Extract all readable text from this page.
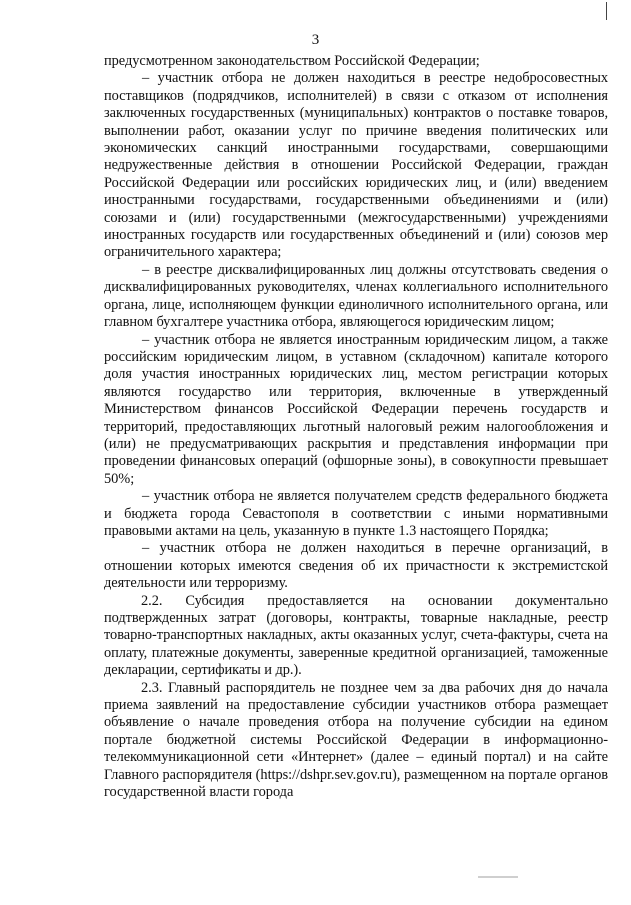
3

предусмотренном законодательством Российской Федерации;

– участник отбора не должен находиться в реестре недобросовестных поставщиков (подрядчиков, исполнителей) в связи с отказом от исполнения заключенных государственных (муниципальных) контрактов о поставке товаров, выполнении работ, оказании услуг по причине введения политических или экономических санкций иностранными государствами, совершающими недружественные действия в отношении Российской Федерации, граждан Российской Федерации или российских юридических лиц, и (или) введением иностранными государствами, государственными объединениями и (или) союзами и (или) государственными (межгосударственными) учреждениями иностранных государств или государственных объединений и (или) союзов мер ограничительного характера;

– в реестре дисквалифицированных лиц должны отсутствовать сведения о дисквалифицированных руководителях, членах коллегиального исполнительного органа, лице, исполняющем функции единоличного исполнительного органа, или главном бухгалтере участника отбора, являющегося юридическим лицом;

– участник отбора не является иностранным юридическим лицом, а также российским юридическим лицом, в уставном (складочном) капитале которого доля участия иностранных юридических лиц, местом регистрации которых являются государство или территория, включенные в утвержденный Министерством финансов Российской Федерации перечень государств и территорий, предоставляющих льготный налоговый режим налогообложения и (или) не предусматривающих раскрытия и представления информации при проведении финансовых операций (офшорные зоны), в совокупности превышает 50%;

– участник отбора не является получателем средств федерального бюджета и бюджета города Севастополя в соответствии с иными нормативными правовыми актами на цель, указанную в пункте 1.3 настоящего Порядка;

– участник отбора не должен находиться в перечне организаций, в отношении которых имеются сведения об их причастности к экстремистской деятельности или терроризму.

2.2. Субсидия предоставляется на основании документально подтвержденных затрат (договоры, контракты, товарные накладные, реестр товарно-транспортных накладных, акты оказанных услуг, счета-фактуры, счета на оплату, платежные документы, заверенные кредитной организацией, таможенные декларации, сертификаты и др.).

2.3. Главный распорядитель не позднее чем за два рабочих дня до начала приема заявлений на предоставление субсидии участников отбора размещает объявление о начале проведения отбора на получение субсидии на едином портале бюджетной системы Российской Федерации в информационно-телекоммуникационной сети «Интернет» (далее – единый портал) и на сайте Главного распорядителя (https://dshpr.sev.gov.ru), размещенном на портале органов государственной власти города
